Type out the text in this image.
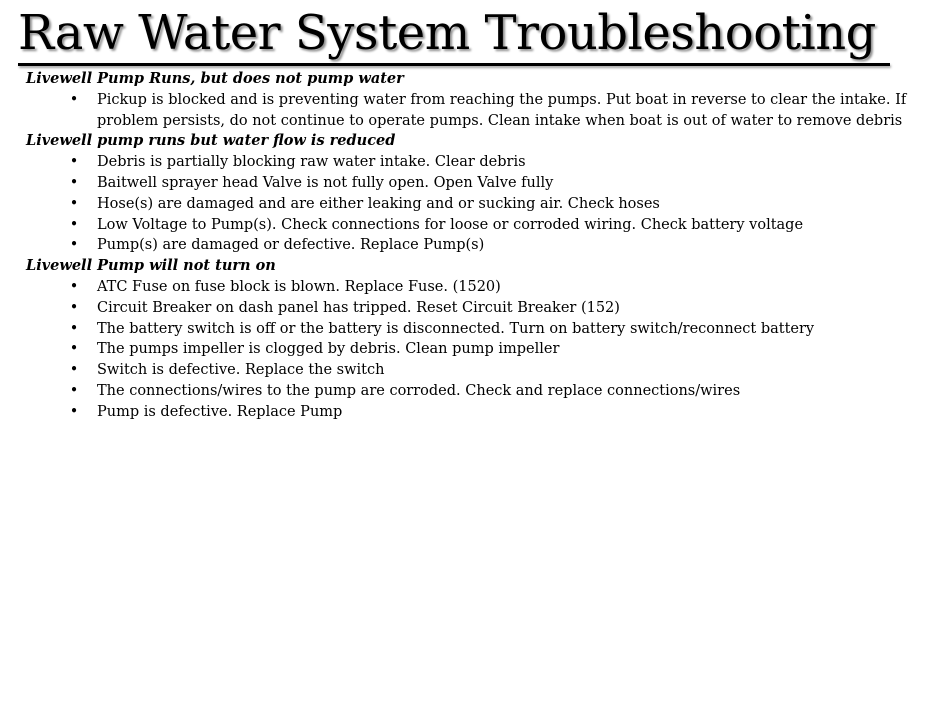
Raw Water System Troubleshooting

Livewell Pump Runs, but does not pump water

• Pickup is blocked and is preventing water from reaching the pumps. Put boat in reverse to clear the intake. If problem persists, do not continue to operate pumps. Clean intake when boat is out of water to remove debris

Livewell pump runs but water flow is reduced

• Debris is partially blocking raw water intake. Clear debris
• Baitwell sprayer head Valve is not fully open. Open Valve fully
• Hose(s) are damaged and are either leaking and or sucking air. Check hoses
• Low Voltage to Pump(s). Check connections for loose or corroded wiring. Check battery voltage
• Pump(s) are damaged or defective. Replace Pump(s)

Livewell Pump will not turn on

• ATC Fuse on fuse block is blown. Replace Fuse. (1520)
• Circuit Breaker on dash panel has tripped. Reset Circuit Breaker (152)
• The battery switch is off or the battery is disconnected. Turn on battery switch/reconnect battery
• The pumps impeller is clogged by debris. Clean pump impeller
• Switch is defective. Replace the switch
• The connections/wires to the pump are corroded. Check and replace connections/wires
• Pump is defective. Replace Pump
